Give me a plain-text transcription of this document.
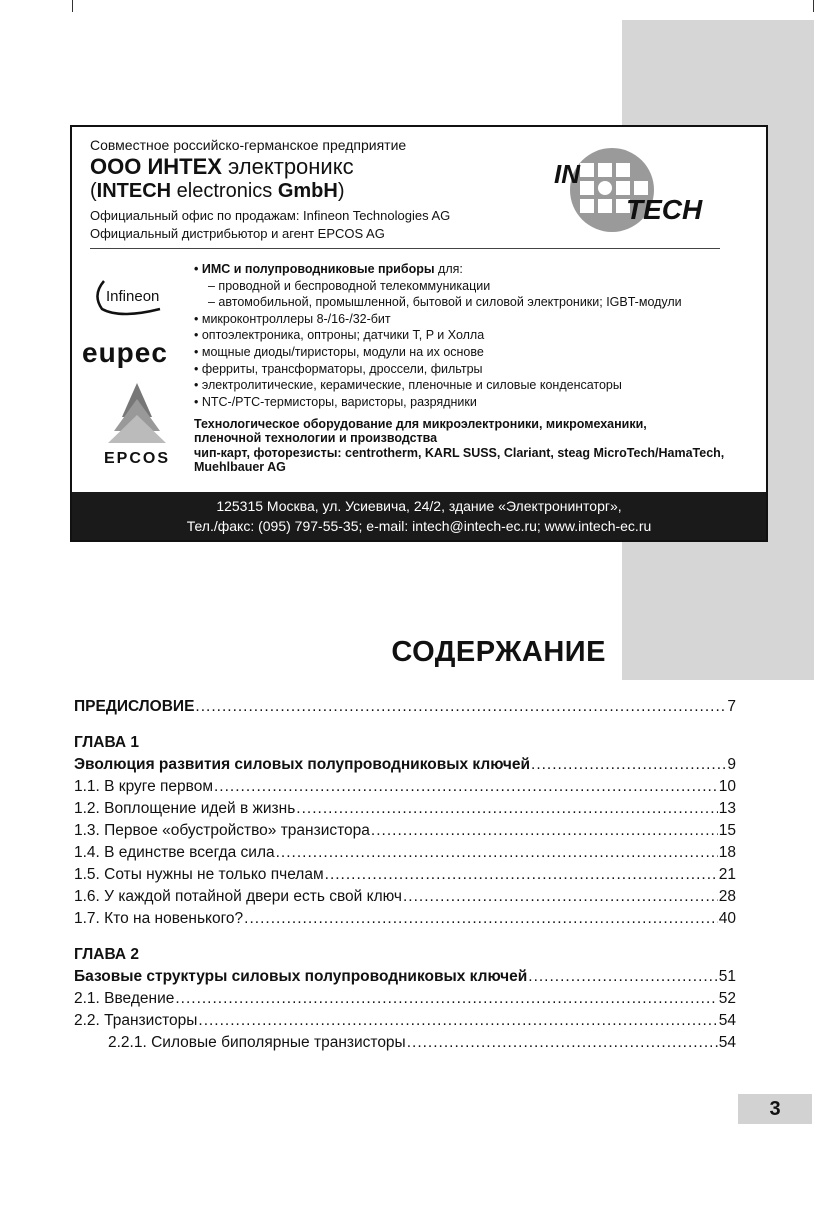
Совместное российско-германское предприятие
ООО ИНТЕХ электроникс
(INTECH electronics GmbH)
Официальный офис по продажам: Infineon Technologies AG
Официальный дистрибьютор и агент EPCOS AG
IN
TECH
Infineon
eupec
EPCOS
• ИМС и полупроводниковые приборы для:
– проводной и беспроводной телекоммуникации
– автомобильной, промышленной, бытовой и силовой электроники; IGBT-модули
• микроконтроллеры 8-/16-/32-бит
• оптоэлектроника, оптроны; датчики T, P и Холла
• мощные диоды/тиристоры, модули на их основе
• ферриты, трансформаторы, дроссели, фильтры
• электролитические, керамические, пленочные и силовые конденсаторы
• NTC-/PTC-термисторы, варисторы, разрядники
Технологическое оборудование для микроэлектроники, микромеханики,
пленочной технологии и производства
чип-карт, фоторезисты: centrotherm, KARL SUSS, Clariant, steag MicroTech/HamaTech,
Muehlbauer AG
125315 Москва, ул. Усиевича, 24/2, здание «Электронинторг»,
Тел./факс: (095) 797-55-35; e-mail: intech@intech-ec.ru; www.intech-ec.ru
СОДЕРЖАНИЕ
ПРЕДИСЛОВИЕ .....	7
ГЛАВА 1
Эволюция развития силовых полупроводниковых ключей .....	9
1.1. В круге первом .....	10
1.2. Воплощение идей в жизнь .....	13
1.3. Первое «обустройство» транзистора .....	15
1.4. В единстве всегда сила .....	18
1.5. Соты нужны не только пчелам .....	21
1.6. У каждой потайной двери есть свой ключ .....	28
1.7. Кто на новенького? .....	40
ГЛАВА 2
Базовые структуры силовых полупроводниковых ключей .....	51
2.1. Введение .....	52
2.2. Транзисторы .....	54
2.2.1. Силовые биполярные транзисторы .....	54
3
